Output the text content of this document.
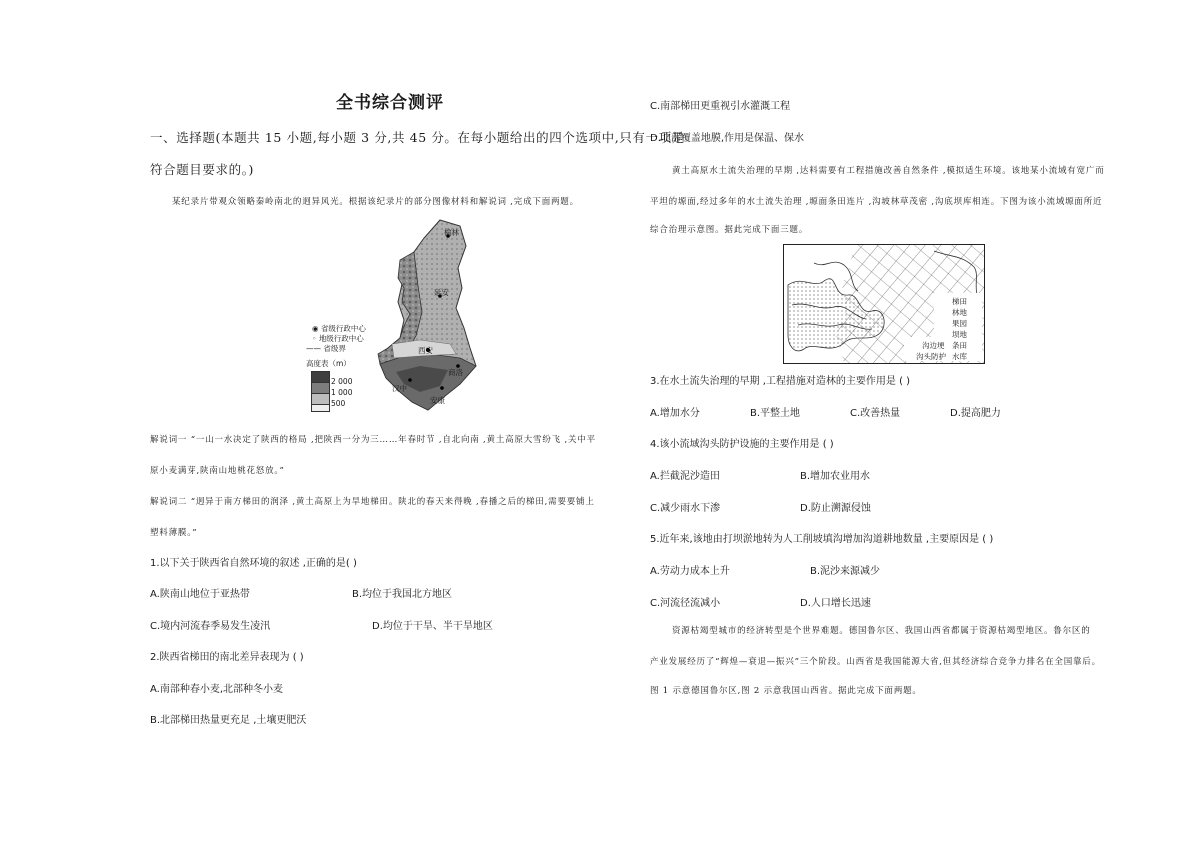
全书综合测评
一、选择题(本题共 15 小题,每小题 3 分,共 45 分。在每小题给出的四个选项中,只有一项是
符合题目要求的。)
某纪录片带观众领略秦岭南北的迥异风光。根据该纪录片的部分图像材料和解说词 ,完成下面两题。
西安
榆林
延安
汉中
安康
商洛
◉ 省级行政中心
◦ 地级行政中心
—— 省级界
高度表（m）
2 000
1 000
500
解说词一 “一山一水决定了陕西的格局 ,把陕西一分为三……年春时节 ,自北向南 ,黄土高原大雪纷飞 ,关中平
原小麦满芽,陕南山地桃花怒放。”
解说词二 “迥异于南方梯田的润泽 ,黄土高原上为旱地梯田。陕北的春天来得晚 ,春播之后的梯田,需要要铺上
塑料薄膜。”
1.以下关于陕西省自然环境的叙述 ,正确的是( )
A.陕南山地位于亚热带	B.均位于我国北方地区
C.境内河流春季易发生凌汛	D.均位于干旱、半干旱地区
2.陕西省梯田的南北差异表现为 ( )
A.南部种春小麦,北部种冬小麦
B.北部梯田热量更充足 ,土壤更肥沃
C.南部梯田更重视引水灌溉工程
D.北部覆盖地膜,作用是保温、保水
黄土高原水土流失治理的早期 ,达料需要有工程措施改善自然条件 ,模拟适生环境。该地某小流域有宽广而
平坦的塬面,经过多年的水土流失治理 ,塬面条田连片 ,沟坡林草茂密 ,沟底坝库相连。下图为该小流域塬面所近
综合治理示意图。据此完成下面三题。
梯田
林地
果园
坝地
条田
水库
沟边埂
沟头防护
3.在水土流失治理的早期 ,工程措施对造林的主要作用是 ( )
A.增加水分	B.平整土地	C.改善热量	D.提高肥力
4.该小流域沟头防护设施的主要作用是 ( )
A.拦截泥沙造田	B.增加农业用水
C.减少雨水下渗	D.防止溯源侵蚀
5.近年来,该地由打坝淤地转为人工削坡填沟增加沟道耕地数量 ,主要原因是 ( )
A.劳动力成本上升	B.泥沙来源减少
C.河流径流减小	D.人口增长迅速
资源枯竭型城市的经济转型是个世界难题。德国鲁尔区、我国山西省都属于资源枯竭型地区。鲁尔区的
产业发展经历了“辉煌—衰退—振兴”三个阶段。山西省是我国能源大省,但其经济综合竞争力排名在全国靠后。
图 1 示意德国鲁尔区,图 2 示意我国山西省。据此完成下面两题。
